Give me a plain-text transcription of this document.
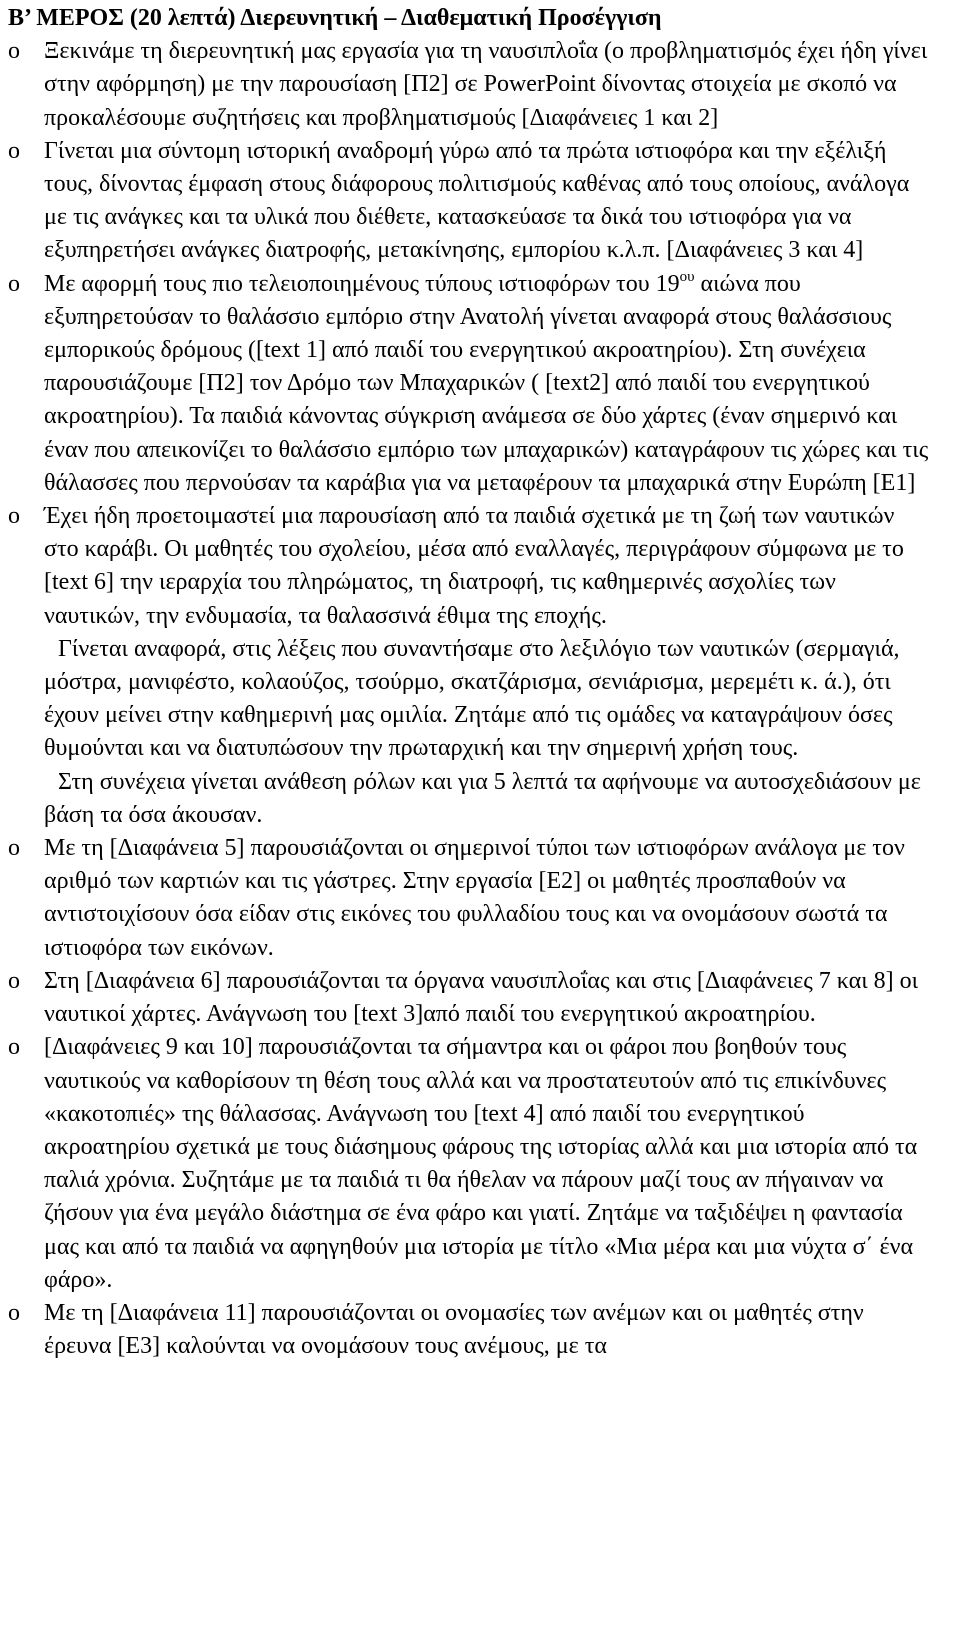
Β’ ΜΕΡΟΣ (20 λεπτά) Διερευνητική – Διαθεματική Προσέγγιση

o	Ξεκινάμε τη διερευνητική μας εργασία για τη ναυσιπλοΐα (ο προβληματισμός έχει ήδη γίνει στην αφόρμηση) με την παρουσίαση [Π2] σε PowerPoint δίνοντας στοιχεία με σκοπό να προκαλέσουμε συζητήσεις και προβληματισμούς [Διαφάνειες 1 και 2]
o	Γίνεται μια σύντομη ιστορική αναδρομή γύρω από τα πρώτα ιστιοφόρα και την εξέλιξή τους, δίνοντας έμφαση στους διάφορους πολιτισμούς καθένας από τους οποίους, ανάλογα με τις ανάγκες και τα υλικά που διέθετε, κατασκεύασε τα δικά του ιστιοφόρα για να εξυπηρετήσει ανάγκες διατροφής, μετακίνησης, εμπορίου κ.λ.π. [Διαφάνειες 3 και 4]
o	Με αφορμή τους πιο τελειοποιημένους τύπους ιστιοφόρων του $19^{o\upsilon}$ αιώνα που εξυπηρετούσαν το θαλάσσιο εμπόριο στην Ανατολή γίνεται αναφορά στους θαλάσσιους εμπορικούς δρόμους ([text 1] από παιδί του ενεργητικού ακροατηρίου). Στη συνέχεια παρουσιάζουμε [Π2] τον Δρόμο των Μπαχαρικών ( [text2] από παιδί του ενεργητικού ακροατηρίου). Τα παιδιά κάνοντας σύγκριση ανάμεσα σε δύο χάρτες (έναν σημερινό και έναν που απεικονίζει το θαλάσσιο εμπόριο των μπαχαρικών) καταγράφουν τις χώρες και τις θάλασσες που περνούσαν τα καράβια για να μεταφέρουν τα μπαχαρικά στην Ευρώπη [Ε1]
o	Έχει ήδη προετοιμαστεί μια παρουσίαση από τα παιδιά σχετικά με τη ζωή των ναυτικών στο καράβι. Οι μαθητές του σχολείου, μέσα από εναλλαγές, περιγράφουν σύμφωνα με το [text 6] την ιεραρχία του πληρώματος, τη διατροφή, τις καθημερινές ασχολίες των ναυτικών, την ενδυμασία, τα θαλασσινά έθιμα της εποχής.

Γίνεται αναφορά, στις λέξεις που συναντήσαμε στο λεξιλόγιο των ναυτικών (σερμαγιά, μόστρα, μανιφέστο, κολαούζος, τσούρμο, σκατζάρισμα, σενιάρισμα, μερεμέτι κ. ά.), ότι έχουν μείνει στην καθημερινή μας ομιλία. Ζητάμε από τις ομάδες να καταγράψουν όσες θυμούνται και να διατυπώσουν την πρωταρχική και την σημερινή χρήση τους.

Στη συνέχεια γίνεται ανάθεση ρόλων και για 5 λεπτά τα αφήνουμε να αυτοσχεδιάσουν με βάση τα όσα άκουσαν.

o	Με τη [Διαφάνεια 5] παρουσιάζονται οι σημερινοί τύποι των ιστιοφόρων ανάλογα με τον αριθμό των καρτιών και τις γάστρες. Στην εργασία [Ε2] οι μαθητές προσπαθούν να αντιστοιχίσουν όσα είδαν στις εικόνες του φυλλαδίου τους και να ονομάσουν σωστά τα ιστιοφόρα των εικόνων.
o	Στη [Διαφάνεια 6] παρουσιάζονται τα όργανα ναυσιπλοΐας και στις [Διαφάνειες 7 και 8] οι ναυτικοί χάρτες. Ανάγνωση του [text 3]από παιδί του ενεργητικού ακροατηρίου.
o	[Διαφάνειες 9 και 10] παρουσιάζονται τα σήμαντρα και οι φάροι που βοηθούν τους ναυτικούς να καθορίσουν τη θέση τους αλλά και να προστατευτούν από τις επικίνδυνες «κακοτοπιές» της θάλασσας. Ανάγνωση του [text 4] από παιδί του ενεργητικού ακροατηρίου σχετικά με τους διάσημους φάρους της ιστορίας αλλά και μια ιστορία από τα παλιά χρόνια. Συζητάμε με τα παιδιά τι θα ήθελαν να πάρουν μαζί τους αν πήγαιναν να ζήσουν για ένα μεγάλο διάστημα σε ένα φάρο και γιατί. Ζητάμε να ταξιδέψει η φαντασία μας και από τα παιδιά να αφηγηθούν μια ιστορία με τίτλο «Μια μέρα και μια νύχτα σ΄ ένα φάρο».
o	Με τη [Διαφάνεια 11] παρουσιάζονται οι ονομασίες των ανέμων και οι μαθητές στην έρευνα [Ε3] καλούνται να ονομάσουν τους ανέμους, με τα
